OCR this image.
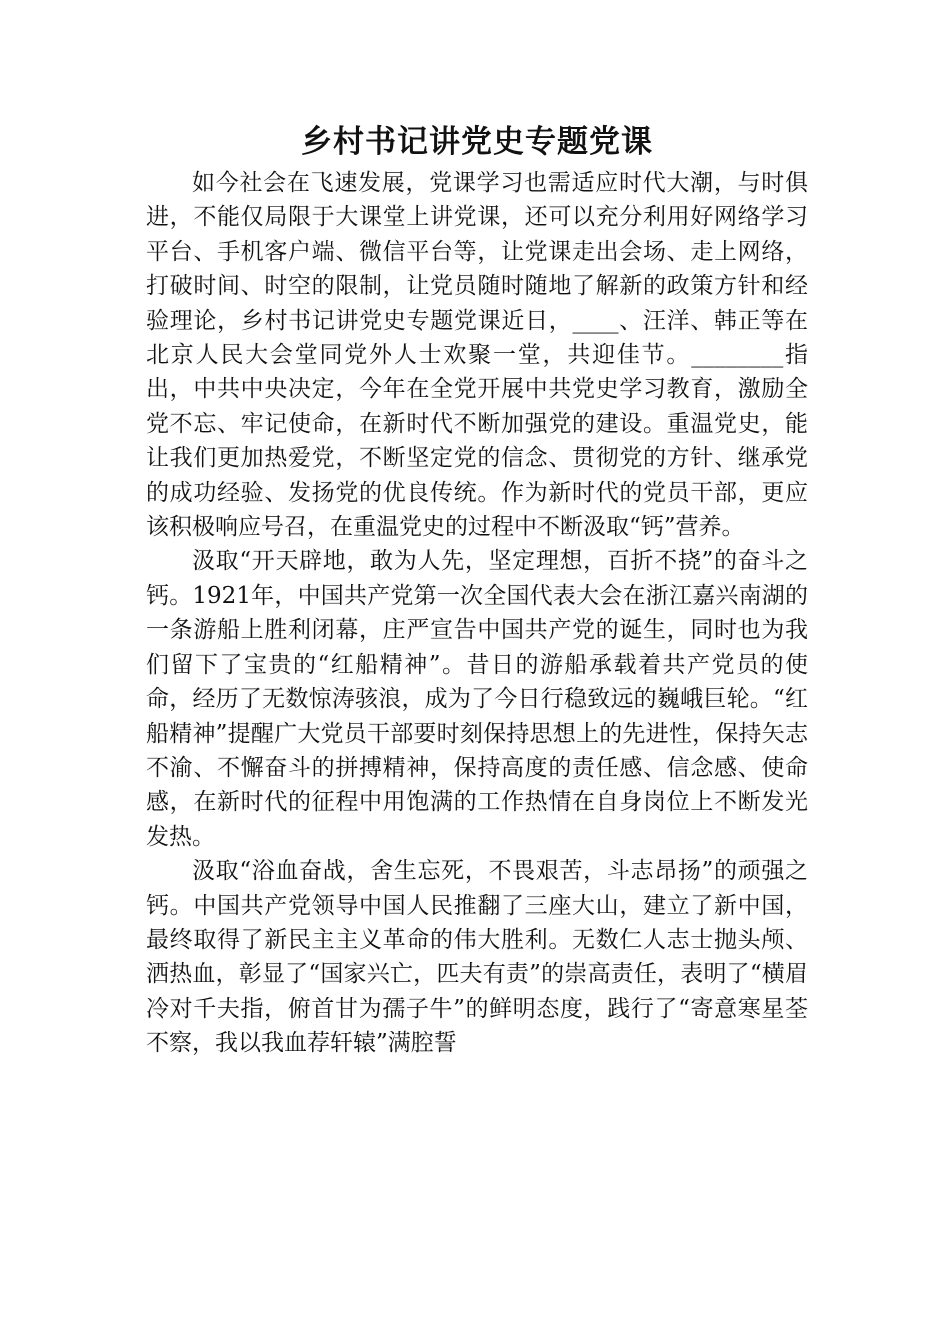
乡村书记讲党史专题党课

如今社会在飞速发展，党课学习也需适应时代大潮，与时俱进，不能仅局限于大课堂上讲党课，还可以充分利用好网络学习平台、手机客户端、微信平台等，让党课走出会场、走上网络，打破时间、时空的限制，让党员随时随地了解新的政策方针和经验理论，乡村书记讲党史专题党课近日，____、汪洋、韩正等在北京人民大会堂同党外人士欢聚一堂，共迎佳节。________指出，中共中央决定，今年在全党开展中共党史学习教育，激励全党不忘、牢记使命，在新时代不断加强党的建设。重温党史，能让我们更加热爱党，不断坚定党的信念、贯彻党的方针、继承党的成功经验、发扬党的优良传统。作为新时代的党员干部，更应该积极响应号召，在重温党史的过程中不断汲取“钙”营养。

汲取“开天辟地，敢为人先，坚定理想，百折不挠”的奋斗之钙。1921年，中国共产党第一次全国代表大会在浙江嘉兴南湖的一条游船上胜利闭幕，庄严宣告中国共产党的诞生，同时也为我们留下了宝贵的“红船精神”。昔日的游船承载着共产党员的使命，经历了无数惊涛骇浪，成为了今日行稳致远的巍峨巨轮。“红船精神”提醒广大党员干部要时刻保持思想上的先进性，保持矢志不渝、不懈奋斗的拼搏精神，保持高度的责任感、信念感、使命感，在新时代的征程中用饱满的工作热情在自身岗位上不断发光发热。

汲取“浴血奋战，舍生忘死，不畏艰苦，斗志昂扬”的顽强之钙。中国共产党领导中国人民推翻了三座大山，建立了新中国，最终取得了新民主主义革命的伟大胜利。无数仁人志士抛头颅、洒热血，彰显了“国家兴亡，匹夫有责”的崇高责任，表明了“横眉冷对千夫指，俯首甘为孺子牛”的鲜明态度，践行了“寄意寒星荃不察，我以我血荐轩辕”满腔誓
